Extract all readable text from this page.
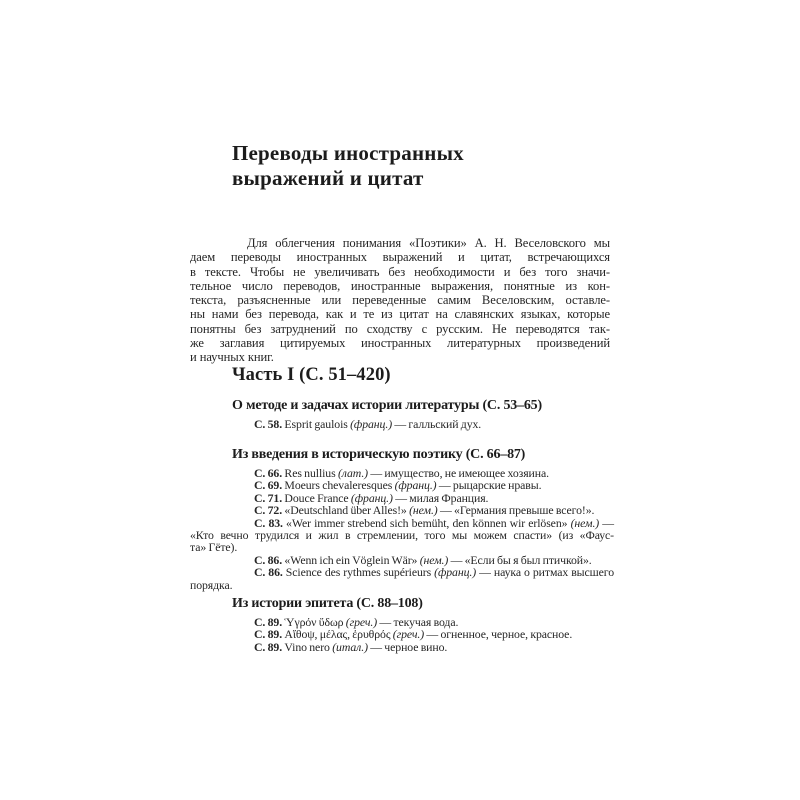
Переводы иностранных
выражений и цитат
Для облегчения понимания «Поэтики» А. Н. Веселовского мы
даем переводы иностранных выражений и цитат, встречающихся
в тексте. Чтобы не увеличивать без необходимости и без того значи-
тельное число переводов, иностранные выражения, понятные из кон-
текста, разъясненные или переведенные самим Веселовским, оставле-
ны нами без перевода, как и те из цитат на славянских языках, которые
понятны без затруднений по сходству с русским. Не переводятся так-
же заглавия цитируемых иностранных литературных произведений
и научных книг.
Часть I (С. 51–420)
О методе и задачах истории литературы (С. 53–65)

С. 58. Esprit gaulois (франц.) — галльский дух.

Из введения в историческую поэтику (С. 66–87)

С. 66. Res nullius (лат.) — имущество, не имеющее хозяина.

С. 69. Moeurs chevaleresques (франц.) — рыцарские нравы.

С. 71. Douce France (франц.) — милая Франция.

С. 72. «Deutschland über Alles!» (нем.) — «Германия превыше всего!».

С. 83. «Wer immer strebend sich bemüht, den können wir erlösen» (нем.) —
«Кто вечно трудился и жил в стремлении, того мы можем спасти» (из «Фаус-
та» Гёте).

С. 86. «Wenn ich ein Vöglein Wär» (нем.) — «Если бы я был птичкой».

С. 86. Science des rythmes supérieurs (франц.) — наука о ритмах высшего
порядка.

Из истории эпитета (С. 88–108)

С. 89. Ὑγρόν ὕδωρ (греч.) — текучая вода.

С. 89. Αἴθοψ, μέλας, ἐρυθρός (греч.) — огненное, черное, красное.

С. 89. Vino nero (итал.) — черное вино.
